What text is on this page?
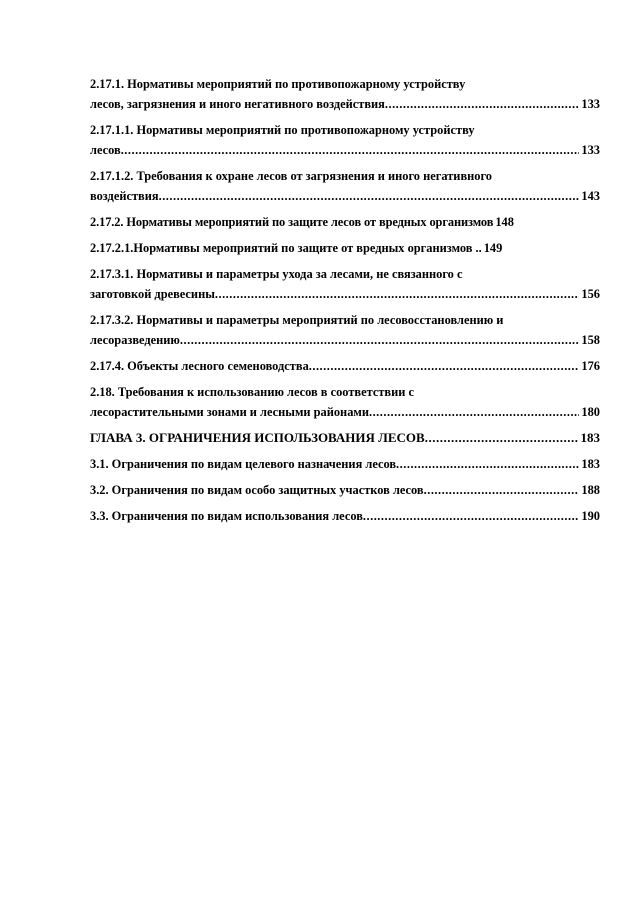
2.17.1. Нормативы мероприятий по противопожарному устройству
лесов, загрязнения и иного негативного воздействия .....	133
2.17.1.1. Нормативы мероприятий по противопожарному устройству
лесов .....	133
2.17.1.2. Требования к охране лесов от загрязнения и иного негативного
воздействия .....	143
2.17.2. Нормативы мероприятий по защите лесов от вредных организмов 148
2.17.2.1.Нормативы мероприятий по защите от вредных организмов .. 149
2.17.3.1. Нормативы и параметры ухода за лесами, не связанного с
заготовкой древесины .....	156
2.17.3.2. Нормативы и параметры мероприятий по лесовосстановлению и
лесоразведению .....	158
2.17.4. Объекты лесного семеноводства .....	176
2.18. Требования к использованию лесов в соответствии с
лесорастительными зонами и лесными районами .....	180
ГЛАВА 3. ОГРАНИЧЕНИЯ ИСПОЛЬЗОВАНИЯ ЛЕСОВ .....	183
3.1. Ограничения по видам целевого назначения лесов .....	183
3.2. Ограничения по видам особо защитных участков лесов .....	188
3.3. Ограничения по видам использования лесов .....	190
